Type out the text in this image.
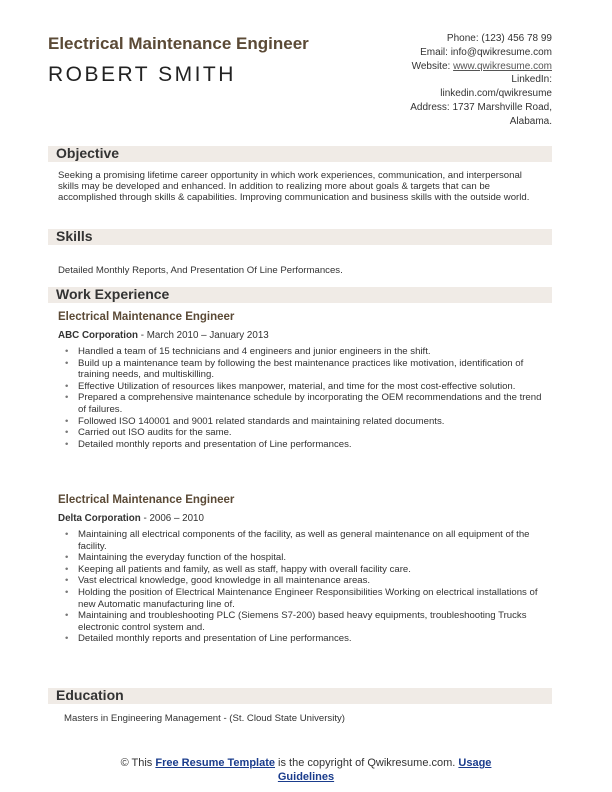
Electrical Maintenance Engineer
ROBERT SMITH
Phone: (123) 456 78 99
Email: info@qwikresume.com
Website: www.qwikresume.com
LinkedIn:
linkedin.com/qwikresume
Address: 1737 Marshville Road,
Alabama.
Objective
Seeking a promising lifetime career opportunity in which work experiences, communication, and interpersonal skills may be developed and enhanced. In addition to realizing more about goals & targets that can be accomplished through skills & capabilities. Improving communication and business skills with the outside world.
Skills
Detailed Monthly Reports, And Presentation Of Line Performances.
Work Experience
Electrical Maintenance Engineer
ABC Corporation - March 2010 – January 2013
• Handled a team of 15 technicians and 4 engineers and junior engineers in the shift.
• Build up a maintenance team by following the best maintenance practices like motivation, identification of training needs, and multiskilling.
• Effective Utilization of resources likes manpower, material, and time for the most cost-effective solution.
• Prepared a comprehensive maintenance schedule by incorporating the OEM recommendations and the trend of failures.
• Followed ISO 140001 and 9001 related standards and maintaining related documents.
• Carried out ISO audits for the same.
• Detailed monthly reports and presentation of Line performances.
Electrical Maintenance Engineer
Delta Corporation - 2006 – 2010
• Maintaining all electrical components of the facility, as well as general maintenance on all equipment of the facility.
• Maintaining the everyday function of the hospital.
• Keeping all patients and family, as well as staff, happy with overall facility care.
• Vast electrical knowledge, good knowledge in all maintenance areas.
• Holding the position of Electrical Maintenance Engineer Responsibilities Working on electrical installations of new Automatic manufacturing line of.
• Maintaining and troubleshooting PLC (Siemens S7-200) based heavy equipments, troubleshooting Trucks electronic control system and.
• Detailed monthly reports and presentation of Line performances.
Education
Masters in Engineering Management - (St. Cloud State University)
© This Free Resume Template is the copyright of Qwikresume.com. Usage
Guidelines
